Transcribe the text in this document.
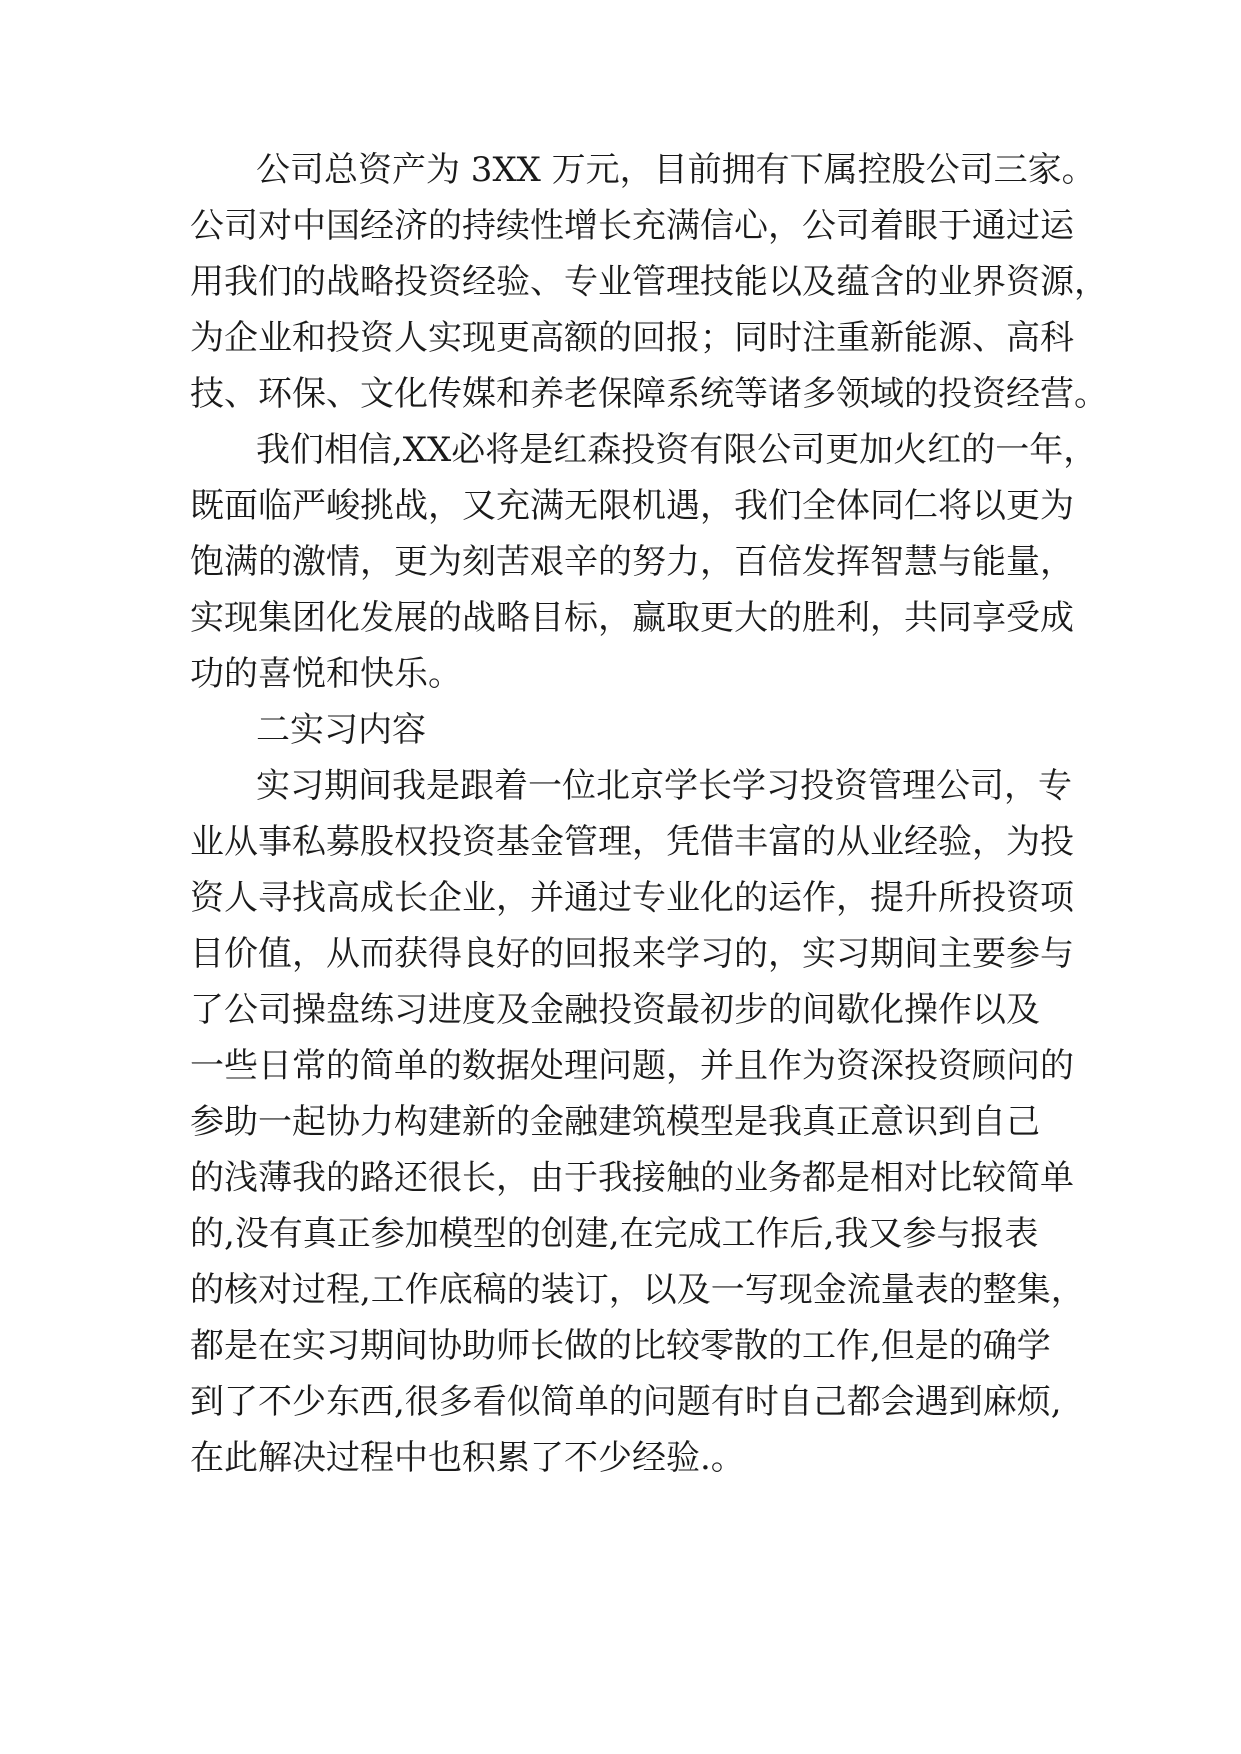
公司总资产为 3XX 万元，目前拥有下属控股公司三家。

公司对中国经济的持续性增长充满信心，公司着眼于通过运

用我们的战略投资经验、专业管理技能以及蕴含的业界资源，

为企业和投资人实现更高额的回报；同时注重新能源、高科

技、环保、文化传媒和养老保障系统等诸多领域的投资经营。

我们相信,XX必将是红森投资有限公司更加火红的一年，

既面临严峻挑战，又充满无限机遇，我们全体同仁将以更为

饱满的激情，更为刻苦艰辛的努力，百倍发挥智慧与能量，

实现集团化发展的战略目标，赢取更大的胜利，共同享受成

功的喜悦和快乐。

二实习内容

实习期间我是跟着一位北京学长学习投资管理公司，专

业从事私募股权投资基金管理，凭借丰富的从业经验，为投

资人寻找高成长企业，并通过专业化的运作，提升所投资项

目价值，从而获得良好的回报来学习的，实习期间主要参与

了公司操盘练习进度及金融投资最初步的间歇化操作以及

一些日常的简单的数据处理问题，并且作为资深投资顾问的

参助一起协力构建新的金融建筑模型是我真正意识到自己

的浅薄我的路还很长，由于我接触的业务都是相对比较简单

的,没有真正参加模型的创建,在完成工作后,我又参与报表

的核对过程,工作底稿的装订，以及一写现金流量表的整集，

都是在实习期间协助师长做的比较零散的工作,但是的确学

到了不少东西,很多看似简单的问题有时自己都会遇到麻烦,

在此解决过程中也积累了不少经验.。
